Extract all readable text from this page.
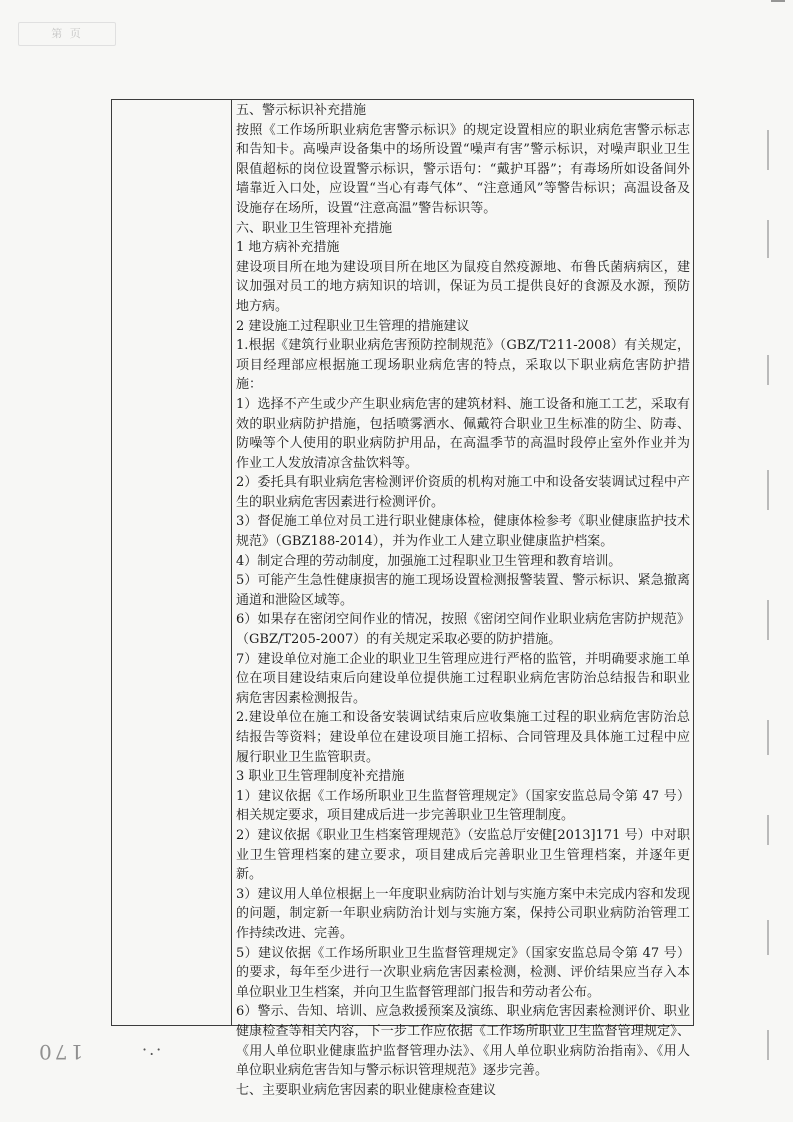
第 页

五、警示标识补充措施

按照《工作场所职业病危害警示标识》的规定设置相应的职业病危害警示标志和告知卡。高噪声设备集中的场所设置“噪声有害”警示标识，对噪声职业卫生限值超标的岗位设置警示标识，警示语句：“戴护耳器”；有毒场所如设备间外墙靠近入口处，应设置“当心有毒气体”、“注意通风”等警告标识；高温设备及设施存在场所，设置“注意高温”警告标识等。

六、职业卫生管理补充措施

1 地方病补充措施

建设项目所在地为建设项目所在地区为鼠疫自然疫源地、布鲁氏菌病病区，建议加强对员工的地方病知识的培训，保证为员工提供良好的食源及水源，预防地方病。

2 建设施工过程职业卫生管理的措施建议

1.根据《建筑行业职业病危害预防控制规范》（GBZ/T211-2008）有关规定，项目经理部应根据施工现场职业病危害的特点，采取以下职业病危害防护措施：

1）选择不产生或少产生职业病危害的建筑材料、施工设备和施工工艺，采取有效的职业病防护措施，包括喷雾洒水、佩戴符合职业卫生标准的防尘、防毒、防噪等个人使用的职业病防护用品，在高温季节的高温时段停止室外作业并为作业工人发放清凉含盐饮料等。

2）委托具有职业病危害检测评价资质的机构对施工中和设备安装调试过程中产生的职业病危害因素进行检测评价。

3）督促施工单位对员工进行职业健康体检，健康体检参考《职业健康监护技术规范》（GBZ188-2014），并为作业工人建立职业健康监护档案。

4）制定合理的劳动制度，加强施工过程职业卫生管理和教育培训。

5）可能产生急性健康损害的施工现场设置检测报警装置、警示标识、紧急撤离通道和泄险区域等。

6）如果存在密闭空间作业的情况，按照《密闭空间作业职业病危害防护规范》（GBZ/T205-2007）的有关规定采取必要的防护措施。

7）建设单位对施工企业的职业卫生管理应进行严格的监管，并明确要求施工单位在项目建设结束后向建设单位提供施工过程职业病危害防治总结报告和职业病危害因素检测报告。

2.建设单位在施工和设备安装调试结束后应收集施工过程的职业病危害防治总结报告等资料；建设单位在建设项目施工招标、合同管理及具体施工过程中应履行职业卫生监管职责。

3 职业卫生管理制度补充措施

1）建议依据《工作场所职业卫生监督管理规定》（国家安监总局令第 47 号）相关规定要求，项目建成后进一步完善职业卫生管理制度。

2）建议依据《职业卫生档案管理规范》（安监总厅安健[2013]171 号）中对职业卫生管理档案的建立要求，项目建成后完善职业卫生管理档案，并逐年更新。

3）建议用人单位根据上一年度职业病防治计划与实施方案中未完成内容和发现的问题，制定新一年职业病防治计划与实施方案，保持公司职业病防治管理工作持续改进、完善。

5）建议依据《工作场所职业卫生监督管理规定》（国家安监总局令第 47 号）的要求，每年至少进行一次职业病危害因素检测，检测、评价结果应当存入本单位职业卫生档案，并向卫生监督管理部门报告和劳动者公布。

6）警示、告知、培训、应急救援预案及演练、职业病危害因素检测评价、职业健康检查等相关内容，下一步工作应依据《工作场所职业卫生监督管理规定》、《用人单位职业健康监护监督管理办法》、《用人单位职业病防治指南》、《用人单位职业病危害告知与警示标识管理规范》逐步完善。

七、主要职业病危害因素的职业健康检查建议

170	·.·
